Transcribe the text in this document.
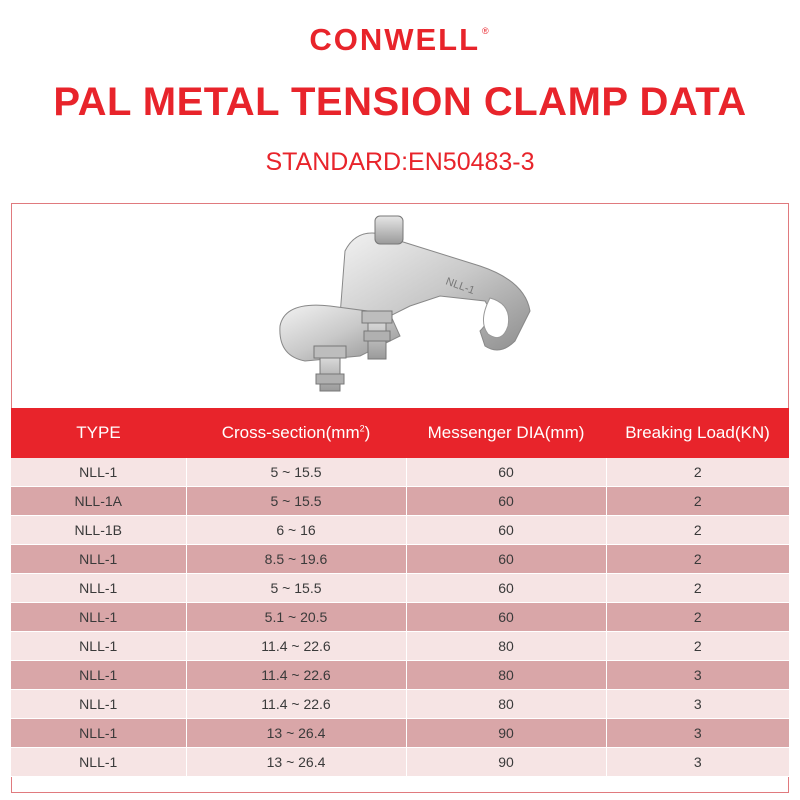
CONWELL ®
PAL METAL TENSION CLAMP DATA
STANDARD:EN50483-3
NLL-1
TYPE	Cross-$section(mm^2)$	Messenger DIA(mm)	Breaking Load(KN)
NLL-1	5 ~ 15.5	60	2
NLL-1A	5 ~ 15.5	60	2
NLL-1B	6 ~ 16	60	2
NLL-1	8.5 ~ 19.6	60	2
NLL-1	5 ~ 15.5	60	2
NLL-1	5.1 ~ 20.5	60	2
NLL-1	11.4 ~ 22.6	80	2
NLL-1	11.4 ~ 22.6	80	3
NLL-1	11.4 ~ 22.6	80	3
NLL-1	13 ~ 26.4	90	3
NLL-1	13 ~ 26.4	90	3
